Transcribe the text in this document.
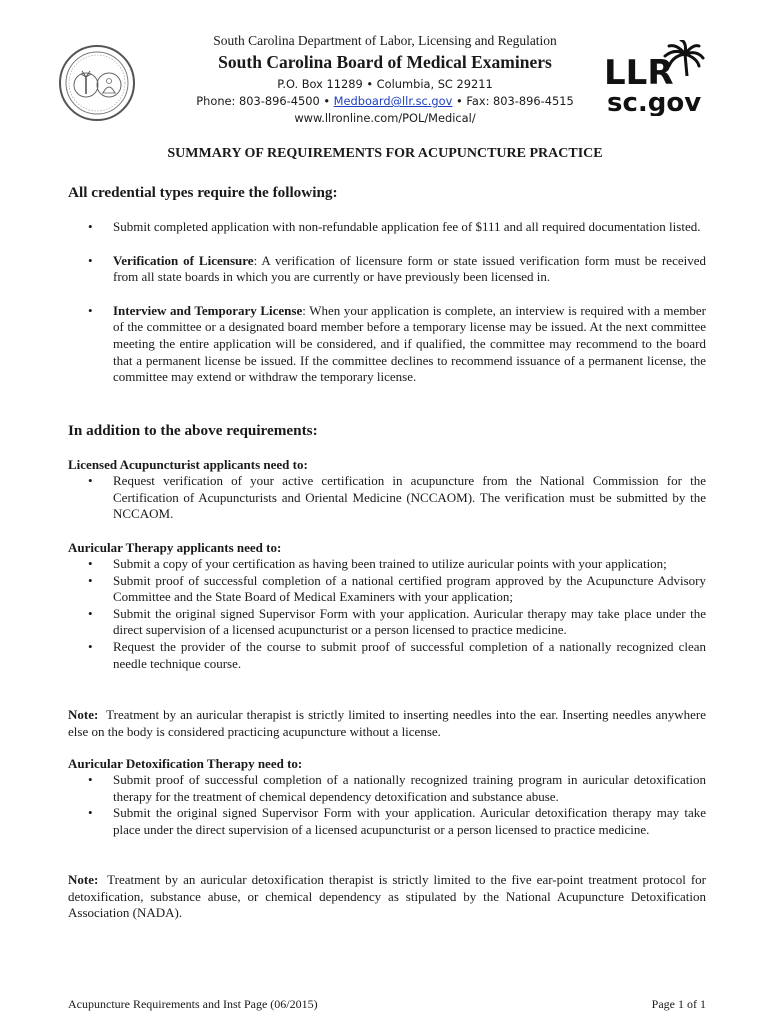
South Carolina Department of Labor, Licensing and Regulation
South Carolina Board of Medical Examiners
P.O. Box 11289 • Columbia, SC 29211
Phone: 803-896-4500 • Medboard@llr.sc.gov • Fax: 803-896-4515
www.llronline.com/POL/Medical/
LLR
sc.gov
SUMMARY OF REQUIREMENTS FOR ACUPUNCTURE PRACTICE
All credential types require the following:
• Submit completed application with non-refundable application fee of $111 and all required documentation listed.
• Verification of Licensure: A verification of licensure form or state issued verification form must be received from all state boards in which you are currently or have previously been licensed in.
• Interview and Temporary License: When your application is complete, an interview is required with a member of the committee or a designated board member before a temporary license may be issued. At the next committee meeting the entire application will be considered, and if qualified, the committee may recommend to the board that a permanent license be issued. If the committee declines to recommend issuance of a permanent license, the committee may extend or withdraw the temporary license.
In addition to the above requirements:
Licensed Acupuncturist applicants need to:
• Request verification of your active certification in acupuncture from the National Commission for the Certification of Acupuncturists and Oriental Medicine (NCCAOM). The verification must be submitted by the NCCAOM.
Auricular Therapy applicants need to:
• Submit a copy of your certification as having been trained to utilize auricular points with your application;
• Submit proof of successful completion of a national certified program approved by the Acupuncture Advisory Committee and the State Board of Medical Examiners with your application;
• Submit the original signed Supervisor Form with your application. Auricular therapy may take place under the direct supervision of a licensed acupuncturist or a person licensed to practice medicine.
• Request the provider of the course to submit proof of successful completion of a nationally recognized clean needle technique course.
Note: Treatment by an auricular therapist is strictly limited to inserting needles into the ear. Inserting needles anywhere else on the body is considered practicing acupuncture without a license.
Auricular Detoxification Therapy need to:
• Submit proof of successful completion of a nationally recognized training program in auricular detoxification therapy for the treatment of chemical dependency detoxification and substance abuse.
• Submit the original signed Supervisor Form with your application. Auricular detoxification therapy may take place under the direct supervision of a licensed acupuncturist or a person licensed to practice medicine.
Note: Treatment by an auricular detoxification therapist is strictly limited to the five ear-point treatment protocol for detoxification, substance abuse, or chemical dependency as stipulated by the National Acupuncture Detoxification Association (NADA).
Acupuncture Requirements and Inst Page (06/2015)	Page 1 of 1
